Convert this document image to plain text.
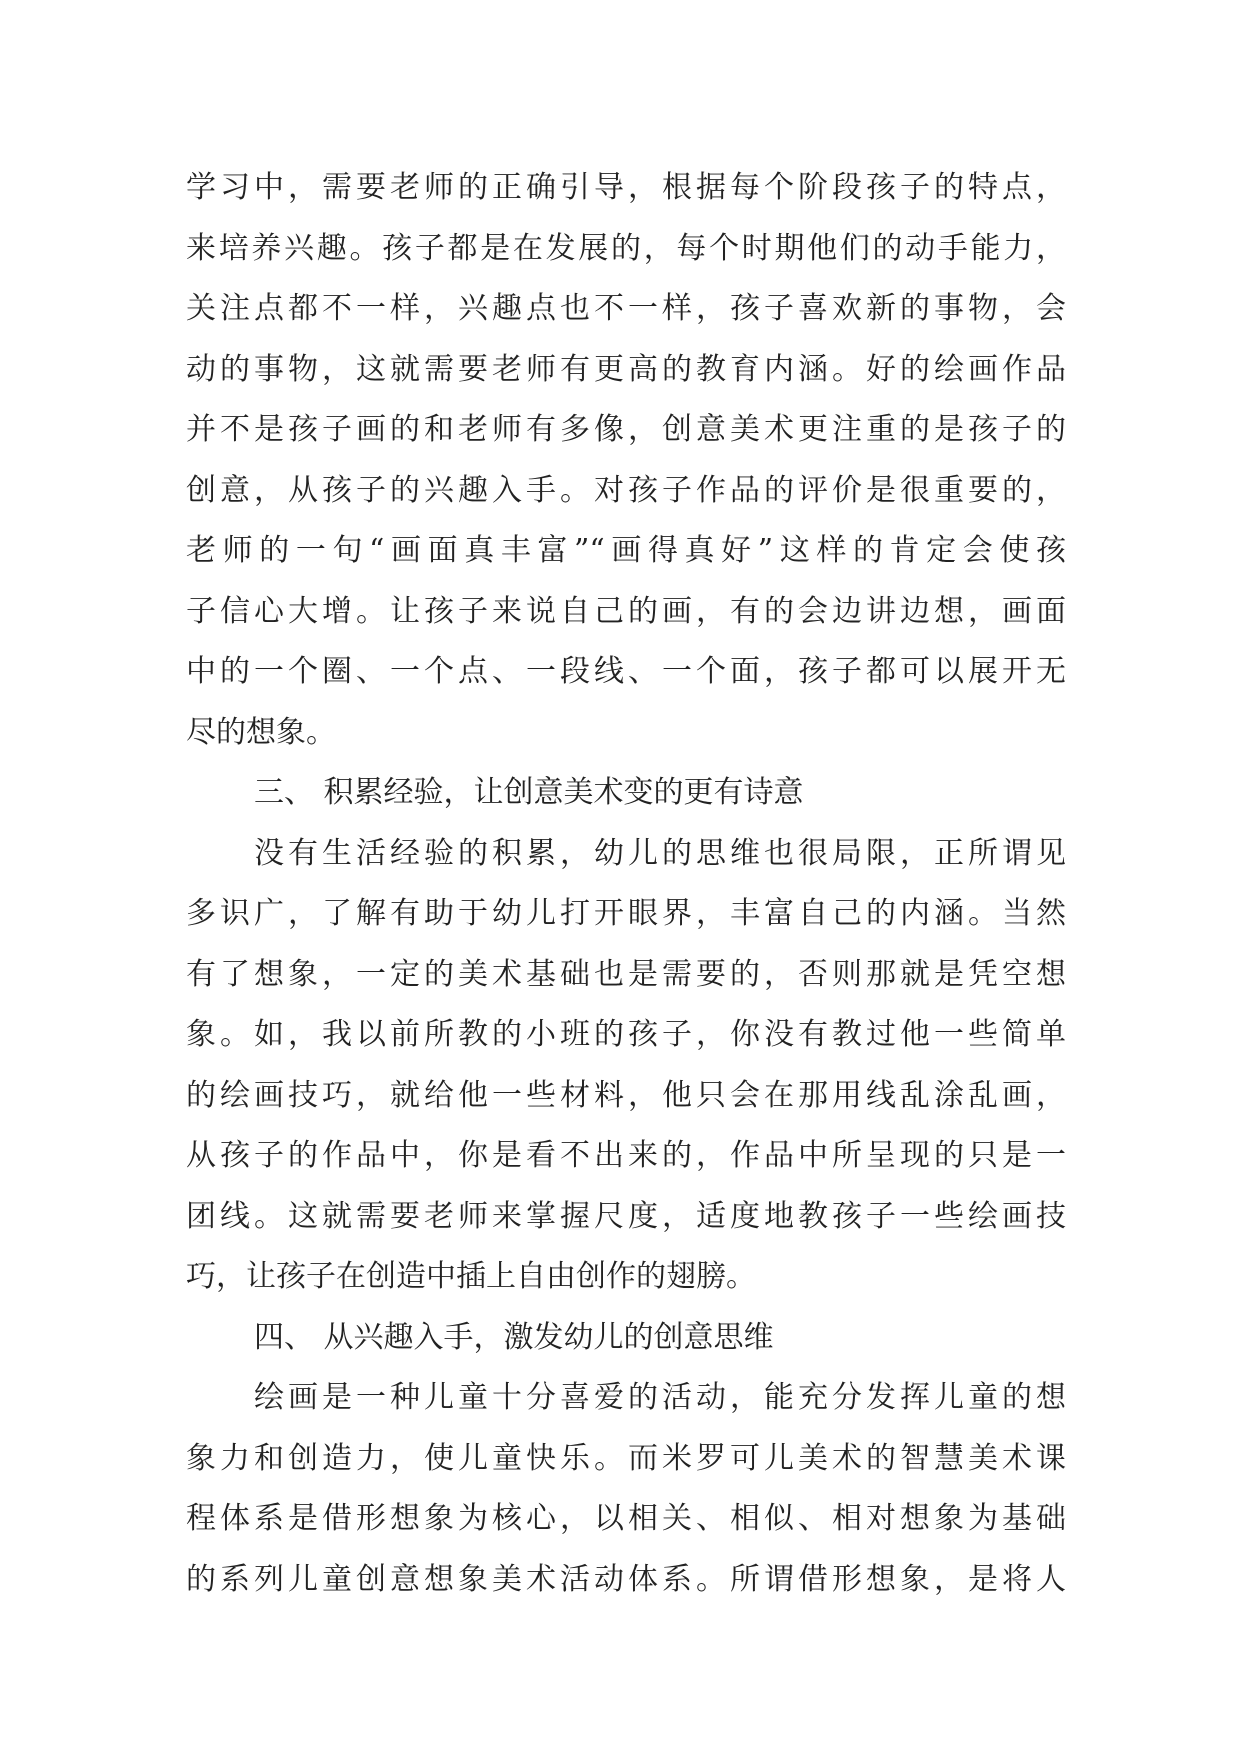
学习中，需要老师的正确引导，根据每个阶段孩子的特点，
来培养兴趣。孩子都是在发展的，每个时期他们的动手能力，
关注点都不一样，兴趣点也不一样，孩子喜欢新的事物，会
动的事物，这就需要老师有更高的教育内涵。好的绘画作品
并不是孩子画的和老师有多像，创意美术更注重的是孩子的
创意，从孩子的兴趣入手。对孩子作品的评价是很重要的，
老师的一句“画面真丰富”“画得真好”这样的肯定会使孩
子信心大增。让孩子来说自己的画，有的会边讲边想，画面
中的一个圈、一个点、一段线、一个面，孩子都可以展开无
尽的想象。
三、 积累经验，让创意美术变的更有诗意
没有生活经验的积累，幼儿的思维也很局限，正所谓见
多识广，了解有助于幼儿打开眼界，丰富自己的内涵。当然
有了想象，一定的美术基础也是需要的，否则那就是凭空想
象。如，我以前所教的小班的孩子，你没有教过他一些简单
的绘画技巧，就给他一些材料，他只会在那用线乱涂乱画，
从孩子的作品中，你是看不出来的，作品中所呈现的只是一
团线。这就需要老师来掌握尺度，适度地教孩子一些绘画技
巧，让孩子在创造中插上自由创作的翅膀。
四、 从兴趣入手，激发幼儿的创意思维
绘画是一种儿童十分喜爱的活动，能充分发挥儿童的想
象力和创造力，使儿童快乐。而米罗可儿美术的智慧美术课
程体系是借形想象为核心，以相关、相似、相对想象为基础
的系列儿童创意想象美术活动体系。所谓借形想象，是将人
